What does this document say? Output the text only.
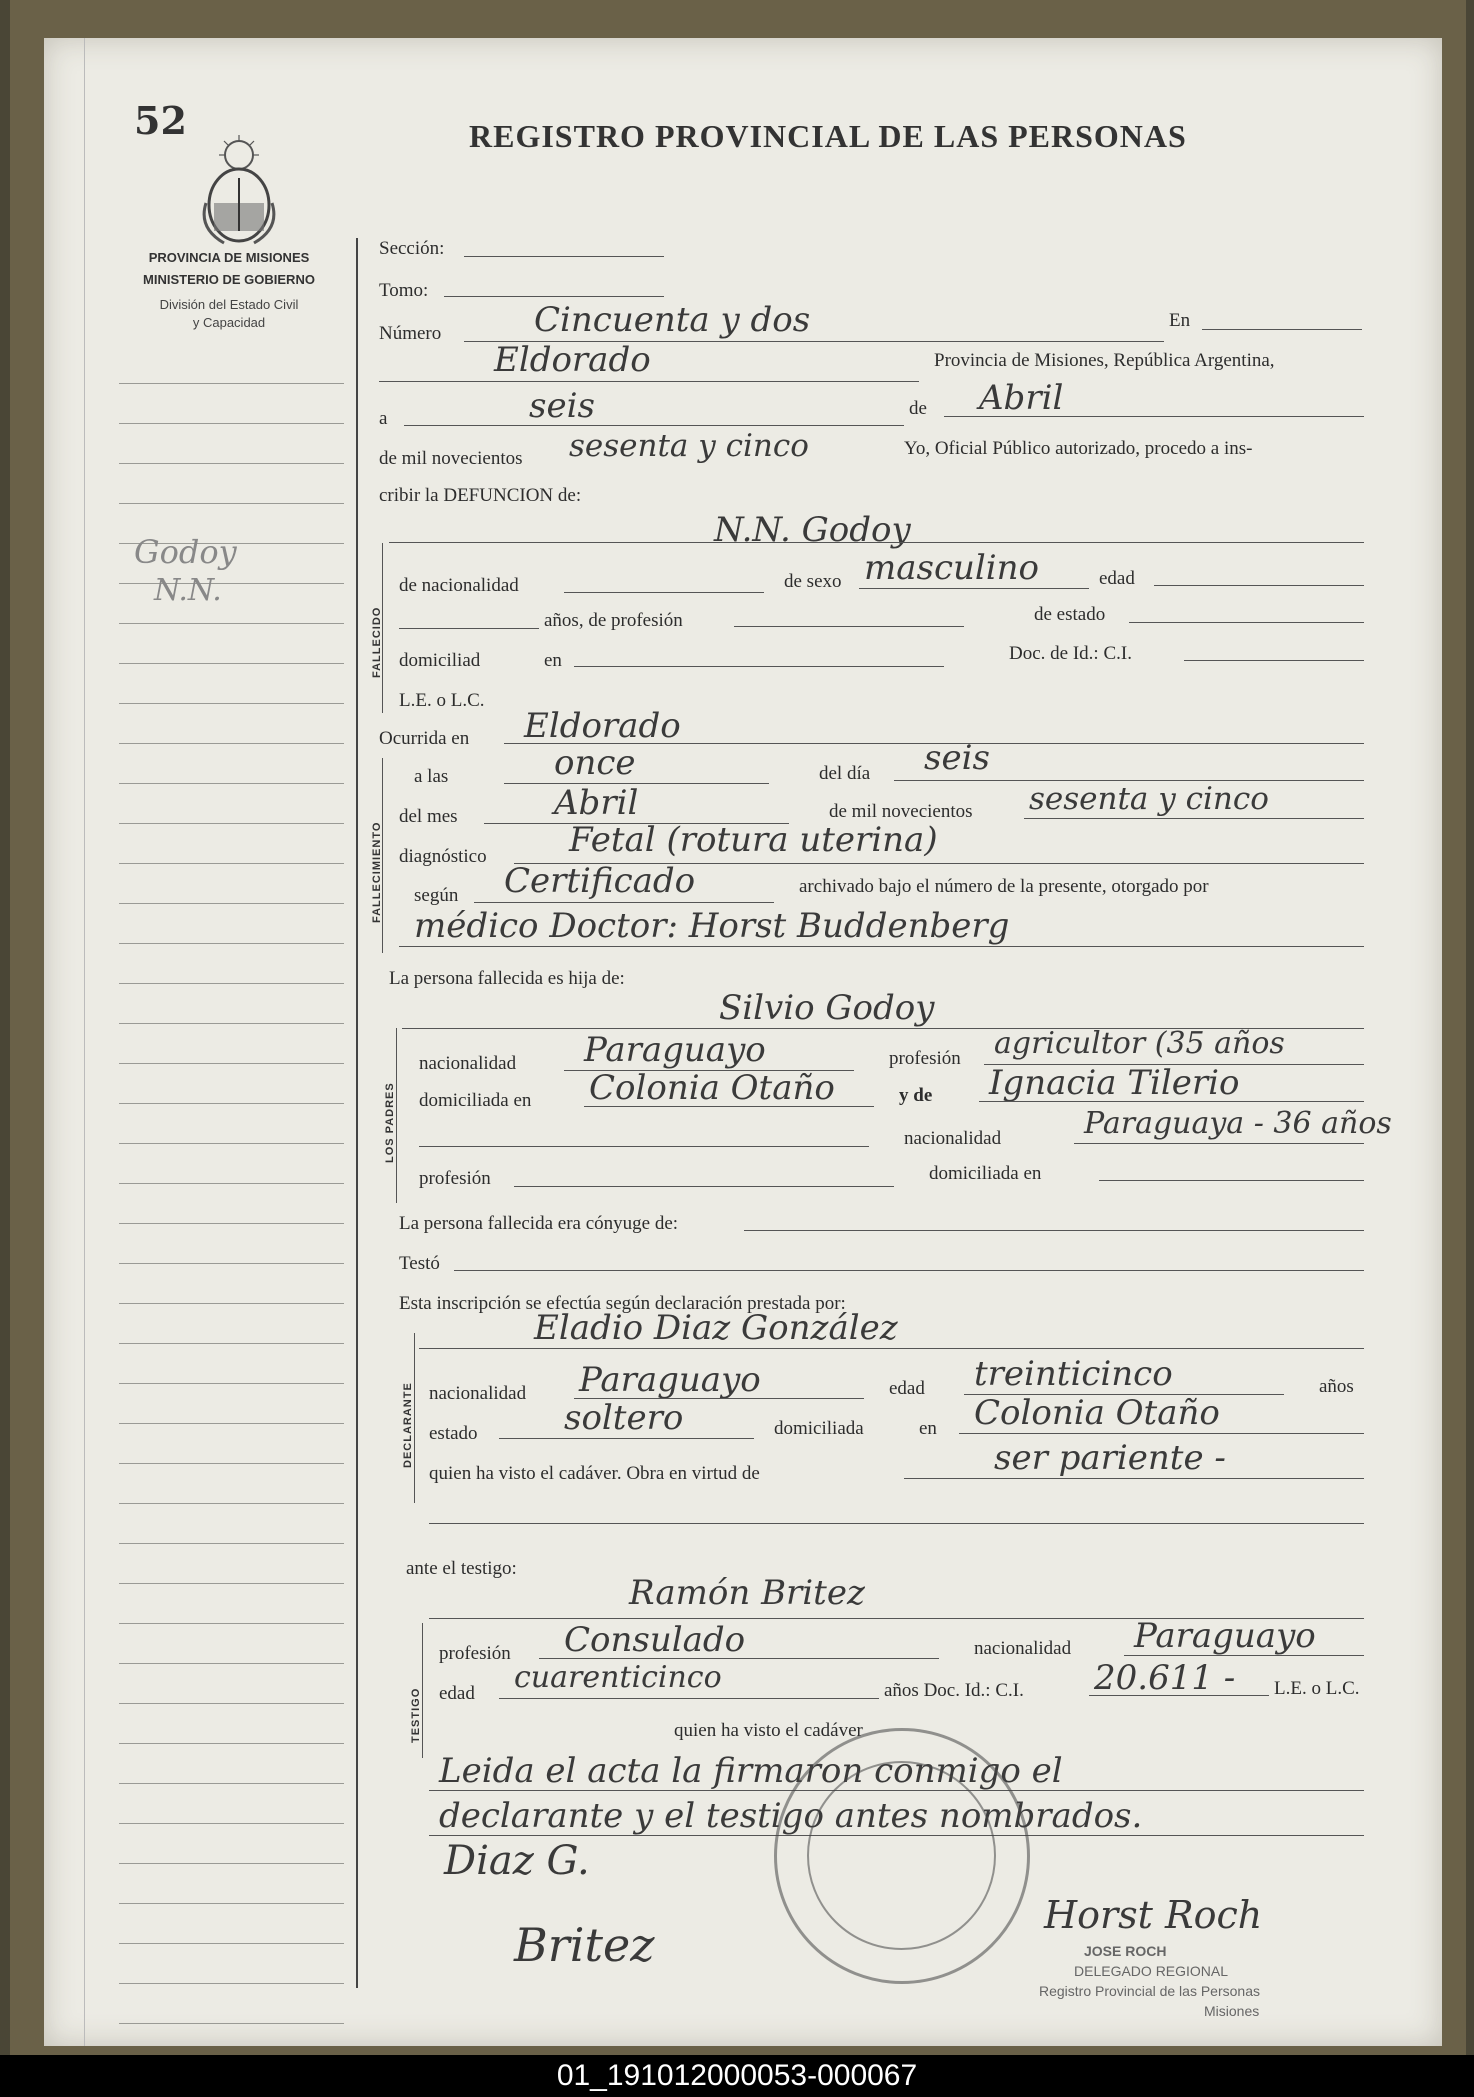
52
PROVINCIA DE MISIONES
MINISTERIO DE GOBIERNO
División del Estado Civil
y Capacidad
REGISTRO PROVINCIAL DE LAS PERSONAS
Godoy
N.N.
Sección:
Tomo:
Número	Cincuenta y dos	En
Eldorado	Provincia de Misiones, República Argentina,
a	seis	de Abril
de mil novecientos sesenta y cinco	Yo, Oficial Público autorizado, procedo a ins-
cribir la DEFUNCION de:
FALLECIDO
N.N. Godoy
de nacionalidad	de sexo masculino	edad
años, de profesión	de estado
domiciliad	en	Doc. de Id.: C.I.
L.E. o L.C.
Ocurrida en Eldorado
FALLECIMIENTO
a las	once	del día seis
del mes	Abril	de mil novecientos sesenta y cinco
diagnóstico Fetal (rotura uterina)
según Certificado	archivado bajo el número de la presente, otorgado por
médico Doctor: Horst Buddenberg
La persona fallecida es hija de:
LOS PADRES
Silvio Godoy
nacionalidad Paraguayo	profesión agricultor (35 años
domiciliada en Colonia Otaño	y de Ignacia Tilerio
nacionalidad	Paraguaya - 36 años
profesión	domiciliada en
La persona fallecida era cónyuge de:
Testó
Esta inscripción se efectúa según declaración prestada por:
DECLARANTE
Eladio Diaz González
nacionalidad Paraguayo	edad treinticinco	años
estado	soltero	domiciliada	en Colonia Otaño
quien ha visto el cadáver. Obra en virtud de	ser pariente -
ante el testigo:
TESTIGO
Ramón Britez
profesión Consulado	nacionalidad Paraguayo
edad cuarenticinco	años Doc. Id.: C.I. 20.611 - L.E. o L.C.
quien ha visto el cadáver
Leida el acta la firmaron conmigo el
declarante y el testigo antes nombrados.
Diaz G.
Britez
Horst Roch
JOSE ROCH
DELEGADO REGIONAL
Registro Provincial de las Personas
Misiones
01_191012000053-000067
